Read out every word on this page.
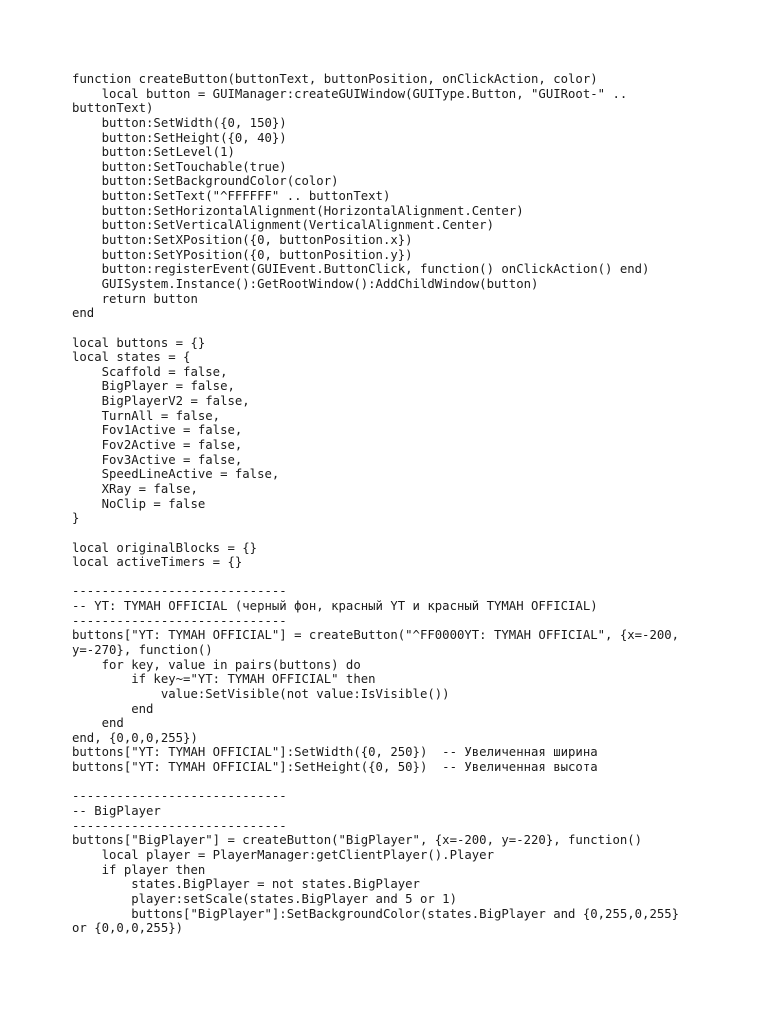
function createButton(buttonText, buttonPosition, onClickAction, color)
local button = GUIManager:createGUIWindow(GUIType.Button, "GUIRoot-" ..
buttonText)
button:SetWidth({0, 150})
button:SetHeight({0, 40})
button:SetLevel(1)
button:SetTouchable(true)
button:SetBackgroundColor(color)
button:SetText("^FFFFFF" .. buttonText)
button:SetHorizontalAlignment(HorizontalAlignment.Center)
button:SetVerticalAlignment(VerticalAlignment.Center)
button:SetXPosition({0, buttonPosition.x})
button:SetYPosition({0, buttonPosition.y})
button:registerEvent(GUIEvent.ButtonClick, function() onClickAction() end)
GUISystem.Instance():GetRootWindow():AddChildWindow(button)
return button
end
local buttons = {}
local states = {
Scaffold = false,
BigPlayer = false,
BigPlayerV2 = false,
TurnAll = false,
Fov1Active = false,
Fov2Active = false,
Fov3Active = false,
SpeedLineActive = false,
XRay = false,
NoClip = false
}
local originalBlocks = {}
local activeTimers = {}
-----------------------------
-- YT: TYMAH OFFICIAL (черный фон, красный YT и красный TYMAH OFFICIAL)
-----------------------------
buttons["YT: TYMAH OFFICIAL"] = createButton("^FF0000YT: TYMAH OFFICIAL", {x=-200,
y=-270}, function()
for key, value in pairs(buttons) do
if key~="YT: TYMAH OFFICIAL" then
value:SetVisible(not value:IsVisible())
end
end
end, {0,0,0,255})
buttons["YT: TYMAH OFFICIAL"]:SetWidth({0, 250})  -- Увеличенная ширина
buttons["YT: TYMAH OFFICIAL"]:SetHeight({0, 50})  -- Увеличенная высота
-----------------------------
-- BigPlayer
-----------------------------
buttons["BigPlayer"] = createButton("BigPlayer", {x=-200, y=-220}, function()
local player = PlayerManager:getClientPlayer().Player
if player then
states.BigPlayer = not states.BigPlayer
player:setScale(states.BigPlayer and 5 or 1)
buttons["BigPlayer"]:SetBackgroundColor(states.BigPlayer and {0,255,0,255}
or {0,0,0,255})
